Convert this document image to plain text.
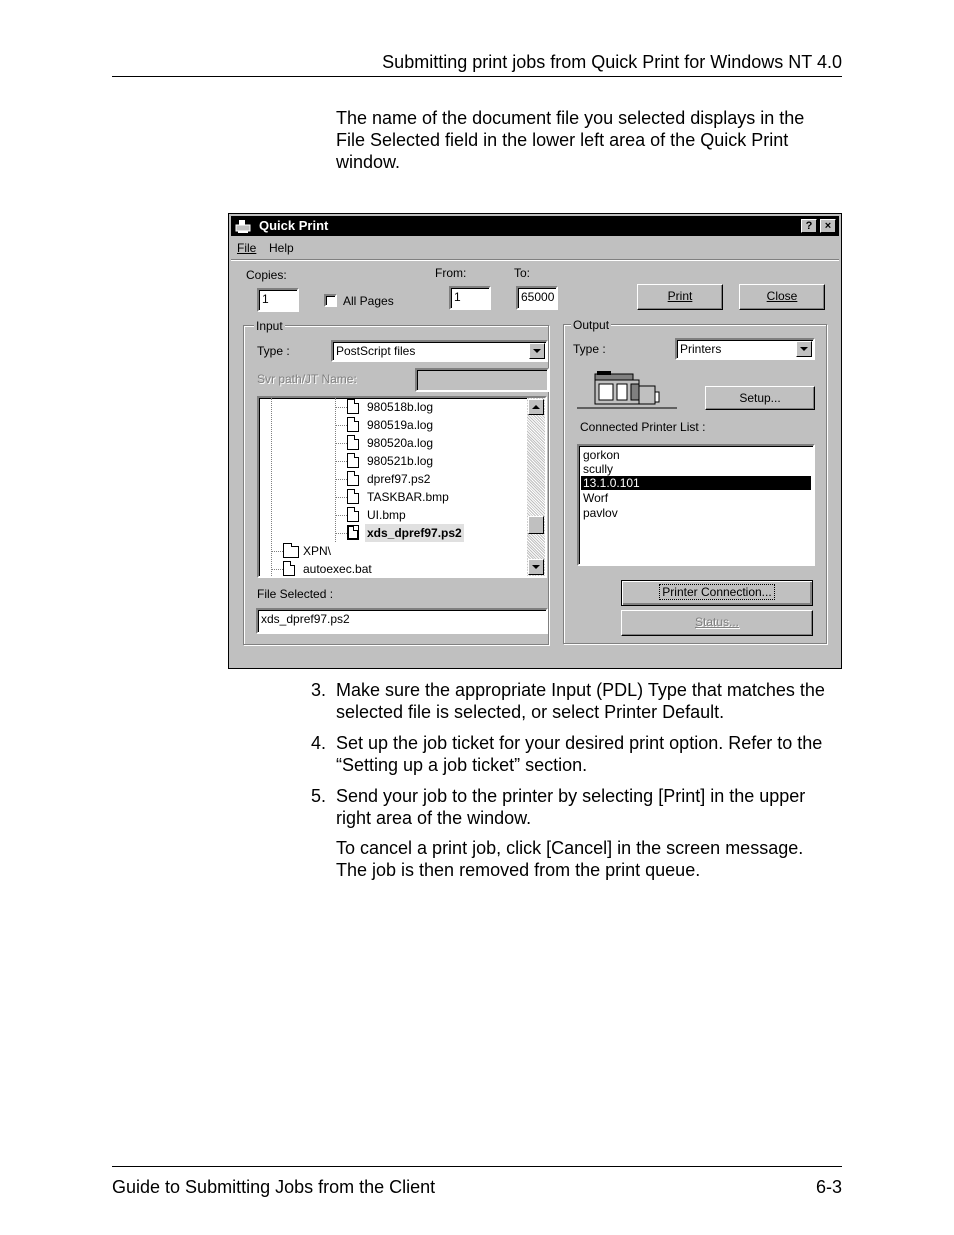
Submitting print jobs from Quick Print for Windows NT 4.0
The name of the document file you selected displays in the File Selected field in the lower left area of the Quick Print window.
Quick Print	?	×
File Help
Copies:
1	All Pages
From:
1
To:
65000	Print	Close
Input
Type :	PostScript files
Svr path/JT Name:
980518b.log
980519a.log
980520a.log
980521b.log
dpref97.ps2
TASKBAR.bmp
UI.bmp
xds_dpref97.ps2
XPN\
autoexec.bat
File Selected :
xds_dpref97.ps2
Output
Type :	Printers
Setup...
Connected Printer List :
gorkon
scully
13.1.0.101
Worf
pavlov
Printer Connection...
Status...
3. Make sure the appropriate Input (PDL) Type that matches the selected file is selected, or select Printer Default.
4. Set up the job ticket for your desired print option. Refer to the “Setting up a job ticket” section.
5. Send your job to the printer by selecting [Print] in the upper right area of the window.
To cancel a print job, click [Cancel] in the screen message. The job is then removed from the print queue.
Guide to Submitting Jobs from the Client	6-3
